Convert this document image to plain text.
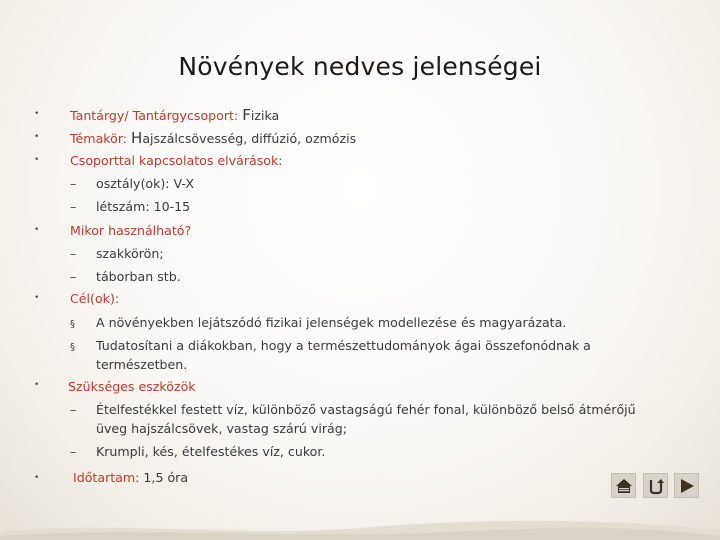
Növények nedves jelenségei
•
•
•
•
•
•
•
Tantárgy/ Tantárgycsoport: Fizika
Témakör: Hajszálcsövesség, diffúzió, ozmózis
Csoporttal kapcsolatos elvárások:
– osztály(ok): V-X
– létszám: 10-15
Mikor használható?
– szakkörön;
– táborban stb.
Cél(ok):
§ A növényekben lejátszódó fizikai jelenségek modellezése és magyarázata.
§ Tudatosítani a diákokban, hogy a természettudományok ágai összefonódnak a
természetben.
Szükséges eszközök
– Ételfestékkel festett víz, különböző vastagságú fehér fonal, különböző belső átmérőjű
üveg hajszálcsövek, vastag szárú virág;
– Krumpli, kés, ételfestékes víz, cukor.
Időtartam: 1,5 óra
